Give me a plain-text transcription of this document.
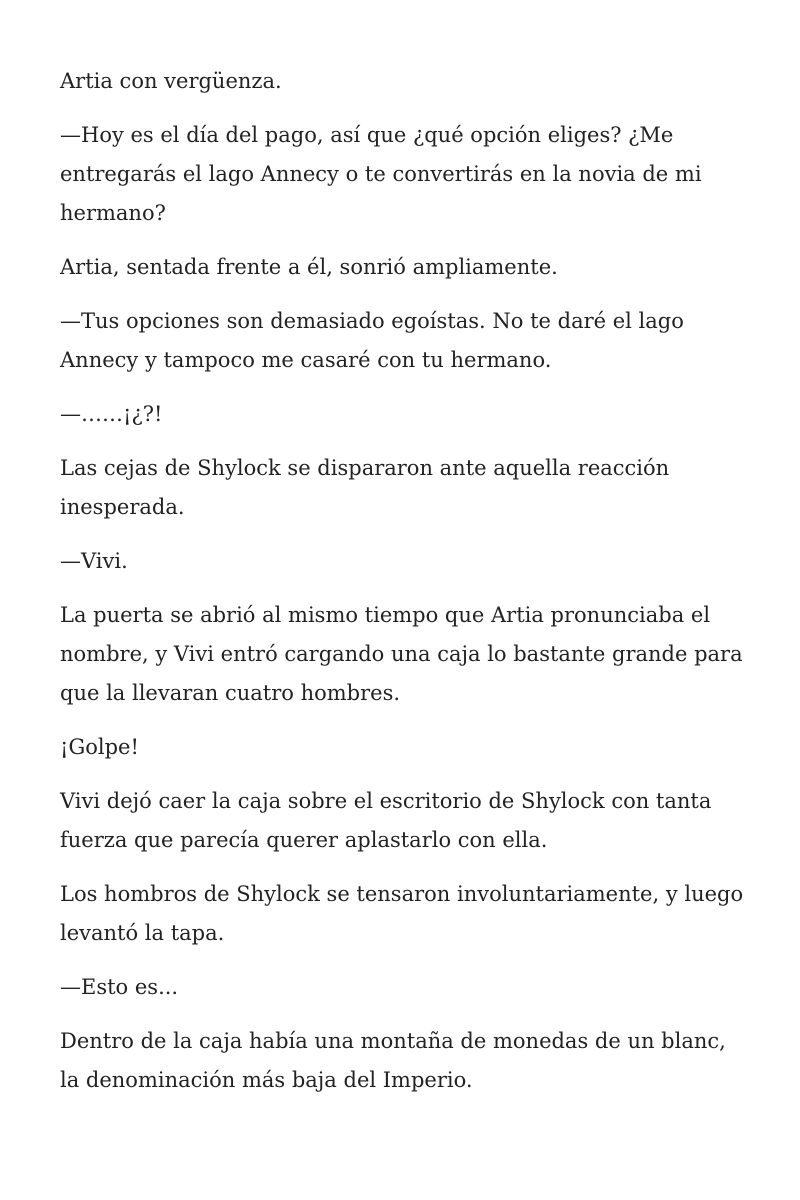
Artia con vergüenza.

—Hoy es el día del pago, así que ¿qué opción eliges? ¿Me entregarás el lago Annecy o te convertirás en la novia de mi hermano?

Artia, sentada frente a él, sonrió ampliamente.

—Tus opciones son demasiado egoístas. No te daré el lago Annecy y tampoco me casaré con tu hermano.

—……¡¿?!

Las cejas de Shylock se dispararon ante aquella reacción inesperada.

—Vivi.

La puerta se abrió al mismo tiempo que Artia pronunciaba el nombre, y Vivi entró cargando una caja lo bastante grande para que la llevaran cuatro hombres.

¡Golpe!

Vivi dejó caer la caja sobre el escritorio de Shylock con tanta fuerza que parecía querer aplastarlo con ella.

Los hombros de Shylock se tensaron involuntariamente, y luego levantó la tapa.

—Esto es...

Dentro de la caja había una montaña de monedas de un blanc, la denominación más baja del Imperio.
